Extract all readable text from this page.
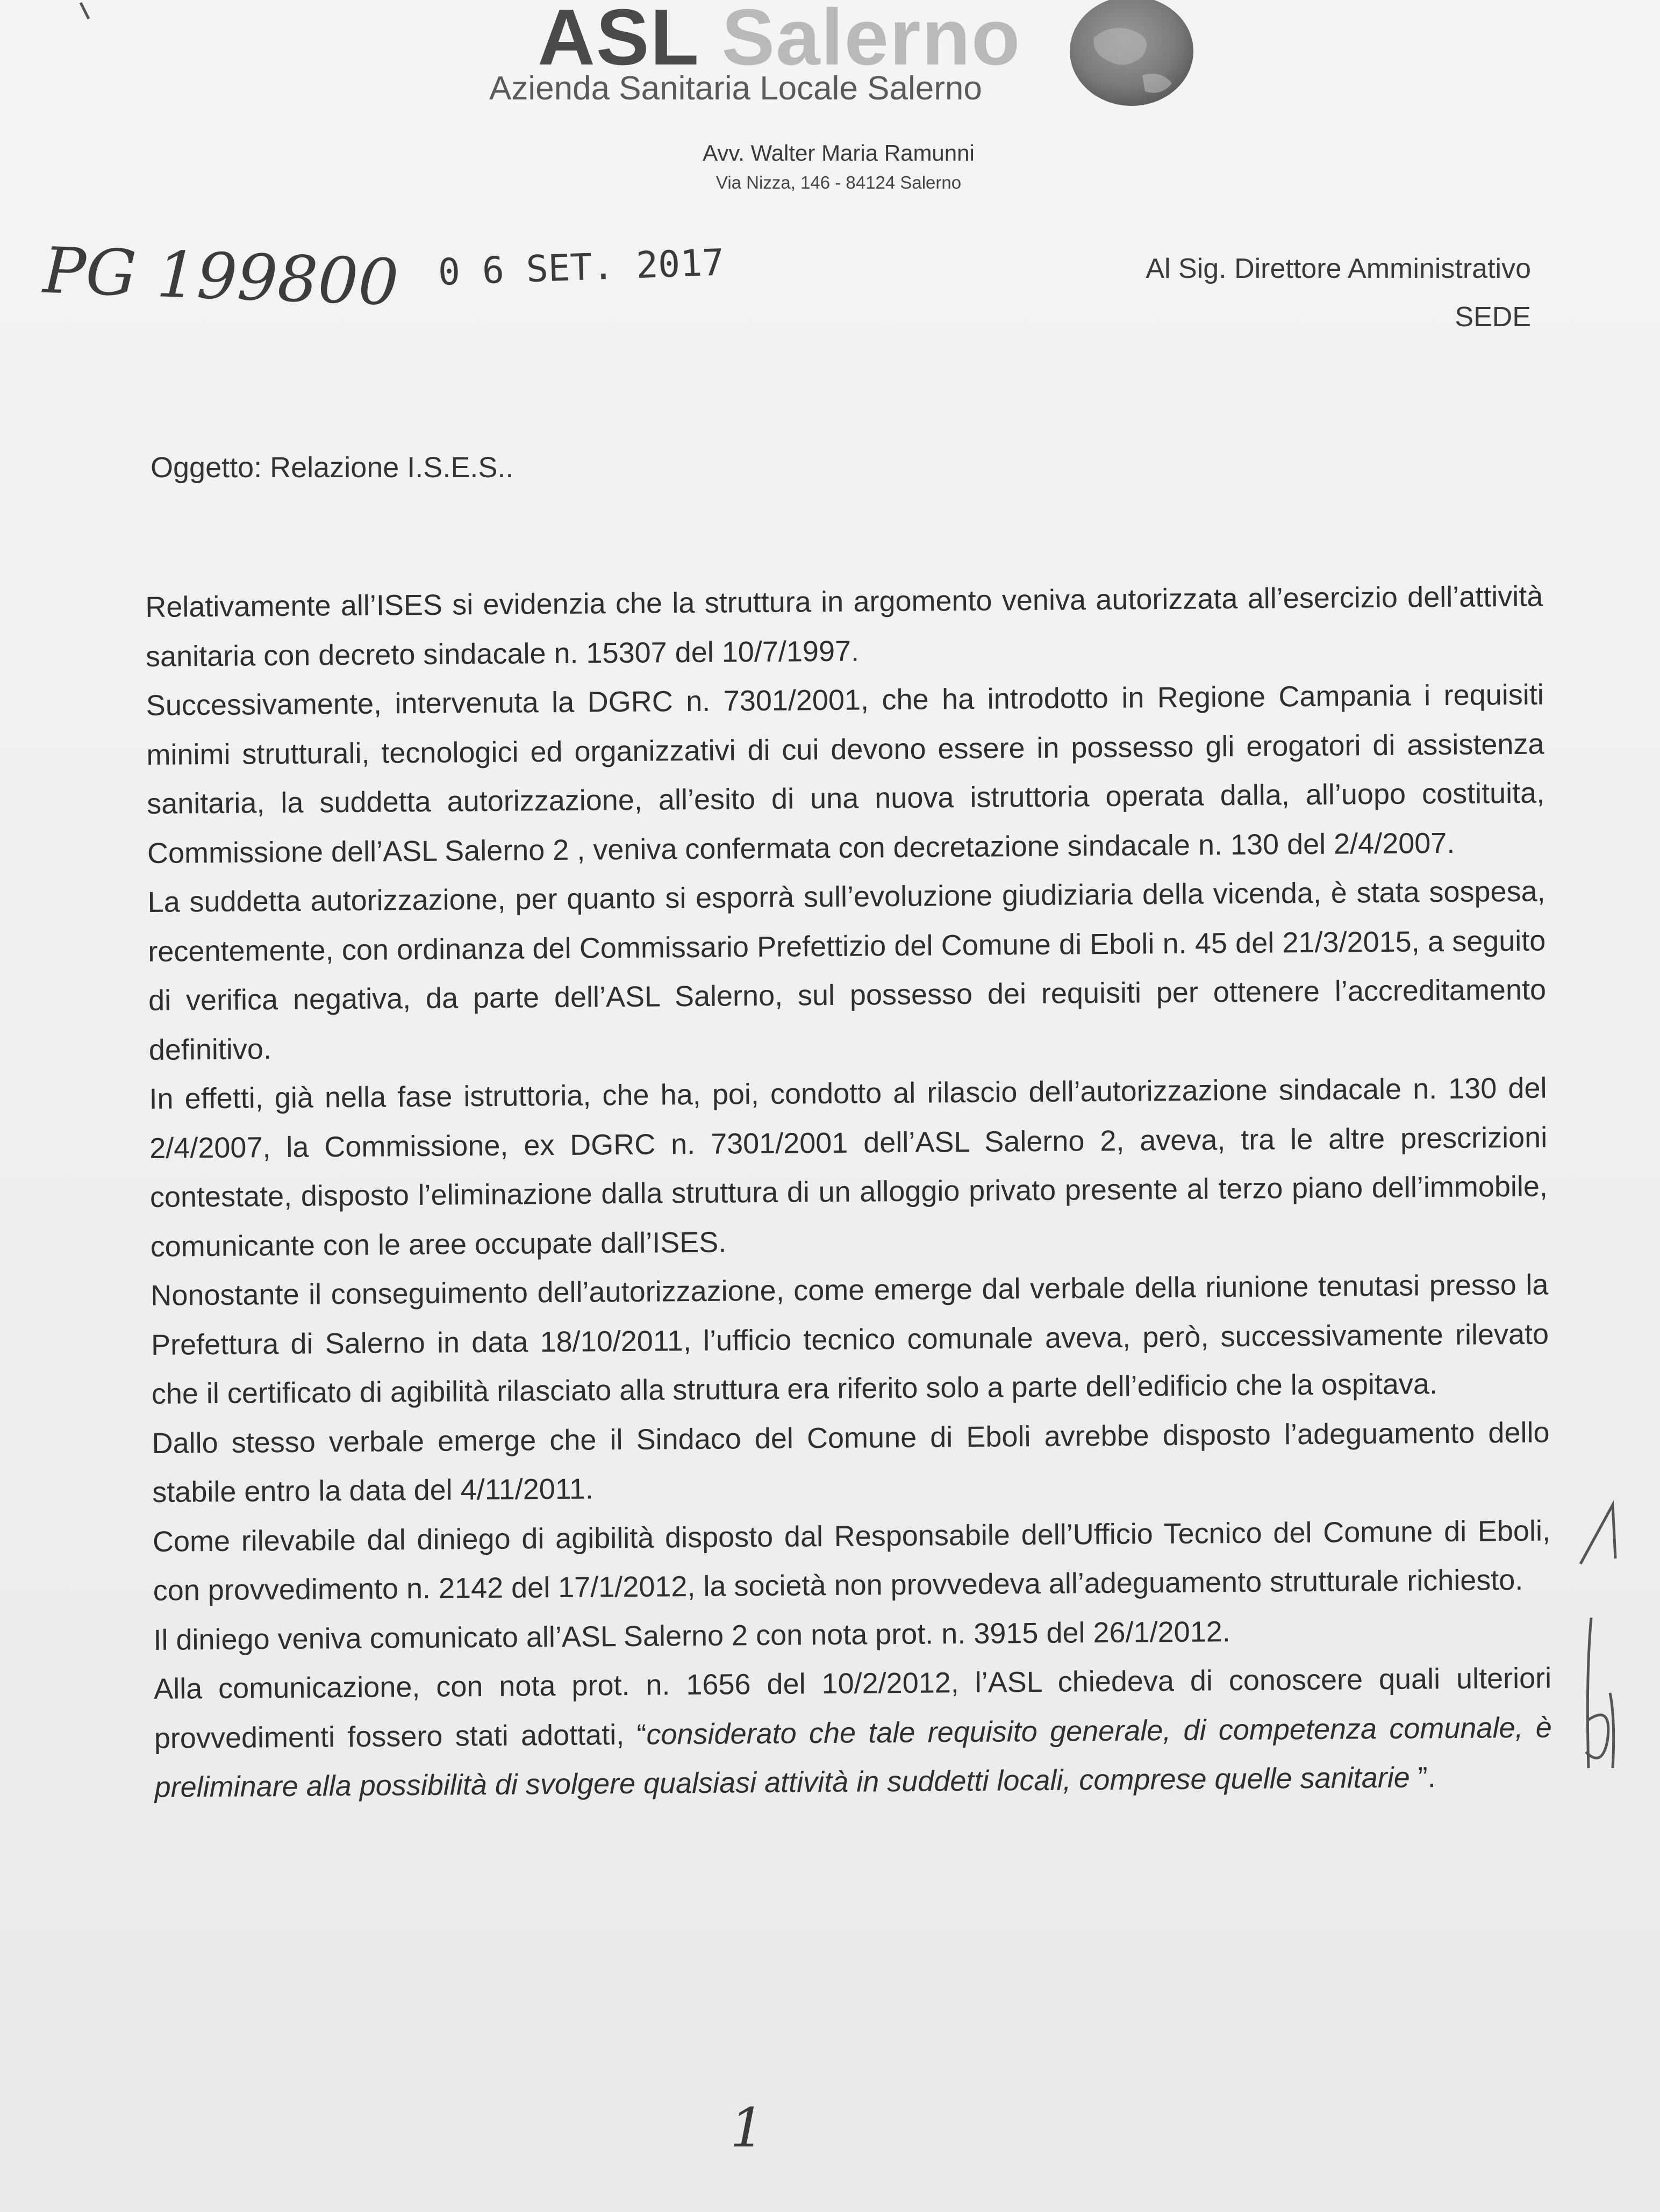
ASL Salerno
Azienda Sanitaria Locale Salerno
Avv. Walter Maria Ramunni
Via Nizza, 146 - 84124 Salerno
PG 199800	0 6 SET. 2017	Al Sig. Direttore Amministrativo
SEDE
Oggetto: Relazione I.S.E.S..

Relativamente all’ISES si evidenzia che la struttura in argomento veniva autorizzata all’esercizio dell’attività sanitaria con decreto sindacale n. 15307 del 10/7/1997.

Successivamente, intervenuta la DGRC n. 7301/2001, che ha introdotto in Regione Campania i requisiti minimi strutturali, tecnologici ed organizzativi di cui devono essere in possesso gli erogatori di assistenza sanitaria, la suddetta autorizzazione, all’esito di una nuova istruttoria operata dalla, all’uopo costituita, Commissione dell’ASL Salerno 2 , veniva confermata con decretazione sindacale n. 130 del 2/4/2007.

La suddetta autorizzazione, per quanto si esporrà sull’evoluzione giudiziaria della vicenda, è stata sospesa, recentemente, con ordinanza del Commissario Prefettizio del Comune di Eboli n. 45 del 21/3/2015, a seguito di verifica negativa, da parte dell’ASL Salerno, sul possesso dei requisiti per ottenere l’accreditamento definitivo.

In effetti, già nella fase istruttoria, che ha, poi, condotto al rilascio dell’autorizzazione sindacale n. 130 del 2/4/2007, la Commissione, ex DGRC n. 7301/2001 dell’ASL Salerno 2, aveva, tra le altre prescrizioni contestate, disposto l’eliminazione dalla struttura di un alloggio privato presente al terzo piano dell’immobile, comunicante con le aree occupate dall’ISES.

Nonostante il conseguimento dell’autorizzazione, come emerge dal verbale della riunione tenutasi presso la Prefettura di Salerno in data 18/10/2011, l’ufficio tecnico comunale aveva, però, successivamente rilevato che il certificato di agibilità rilasciato alla struttura era riferito solo a parte dell’edificio che la ospitava.

Dallo stesso verbale emerge che il Sindaco del Comune di Eboli avrebbe disposto l’adeguamento dello stabile entro la data del 4/11/2011.

Come rilevabile dal diniego di agibilità disposto dal Responsabile dell’Ufficio Tecnico del Comune di Eboli, con provvedimento n. 2142 del 17/1/2012, la società non provvedeva all’adeguamento strutturale richiesto.

Il diniego veniva comunicato all’ASL Salerno 2 con nota prot. n. 3915 del 26/1/2012.

Alla comunicazione, con nota prot. n. 1656 del 10/2/2012, l’ASL chiedeva di conoscere quali ulteriori provvedimenti fossero stati adottati, “considerato che tale requisito generale, di competenza comunale, è preliminare alla possibilità di svolgere qualsiasi attività in suddetti locali, comprese quelle sanitarie ”.

1
